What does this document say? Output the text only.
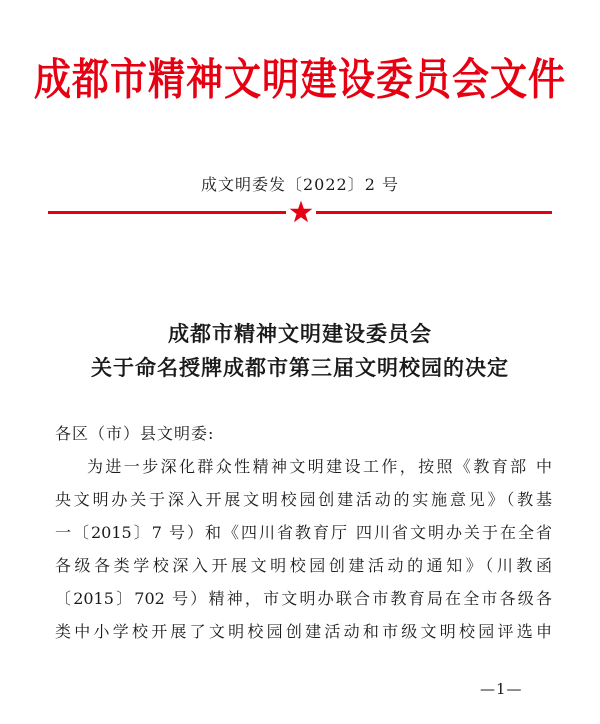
成都市精神文明建设委员会文件
成文明委发〔2022〕2 号
成都市精神文明建设委员会
关于命名授牌成都市第三届文明校园的决定
各区（市）县文明委:
为进一步深化群众性精神文明建设工作，按照《教育部 中
央文明办关于深入开展文明校园创建活动的实施意见》（教基
一〔2015〕7 号）和《四川省教育厅 四川省文明办关于在全省
各级各类学校深入开展文明校园创建活动的通知》（川教函
〔2015〕702 号）精神，市文明办联合市教育局在全市各级各
类中小学校开展了文明校园创建活动和市级文明校园评选申
—1—
